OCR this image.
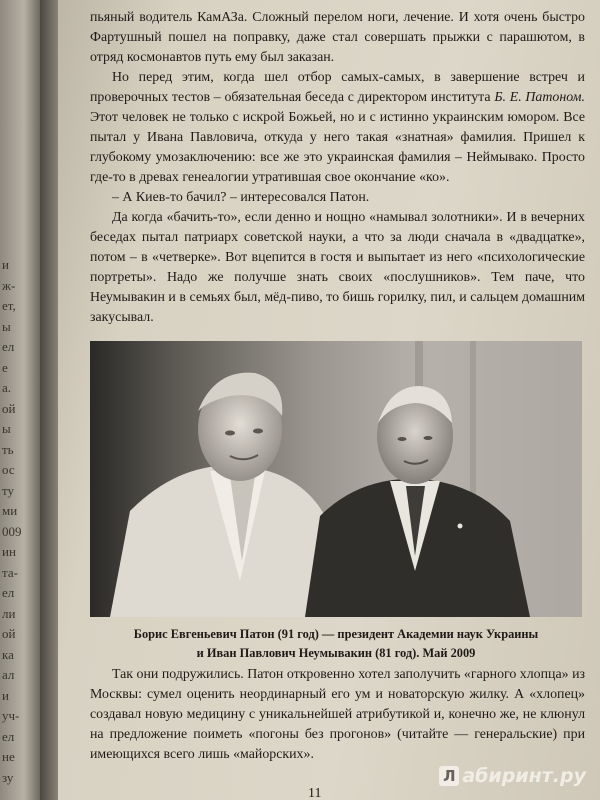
и
ж-
ет,
ы
ел
е
а.
ой
ы
ть
ос
ту
ми
009
ин
та-
ел
ли
ой
ка
ал
и
уч-
ел
не
зу

пьяный водитель КамАЗа. Сложный перелом ноги, лечение. И хотя очень быстро Фартушный пошел на поправку, даже стал совершать прыжки с парашютом, в отряд космонавтов путь ему был заказан.

Но перед этим, когда шел отбор самых-самых, в завершение встреч и проверочных тестов – обязательная беседа с директором института Б. Е. Патоном. Этот человек не только с искрой Божьей, но и с истинно украинским юмором. Все пытал у Ивана Павловича, откуда у него такая «знатная» фамилия. Пришел к глубокому умозаключению: все же это украинская фамилия – Неймывако. Просто где-то в древах генеалогии утратившая свое окончание «ко».

– А Киев-то бачил? – интересовался Патон.

Да когда «бачить-то», если денно и нощно «намывал золотники». И в вечерних беседах пытал патриарх советской науки, а что за люди сначала в «двадцатке», потом – в «четверке». Вот вцепится в гостя и выпытает из него «психологические портреты». Надо же получше знать своих «послушников». Тем паче, что Неумывакин и в семьях был, мёд-пиво, то бишь горилку, пил, и сальцем домашним закусывал.

Борис Евгеньевич Патон (91 год) — президент Академии наук Украины
и Иван Павлович Неумывакин (81 год). Май 2009

Так они подружились. Патон откровенно хотел заполучить «гарного хлопца» из Москвы: сумел оценить неординарный его ум и новаторскую жилку. А «хлопец» создавал новую медицину с уникальнейшей атрибутикой и, конечно же, не клюнул на предложение поиметь «погоны без прогонов» (читайте — генеральские) при имеющихся всего лишь «майорских».

11
Л абиринт.ру
